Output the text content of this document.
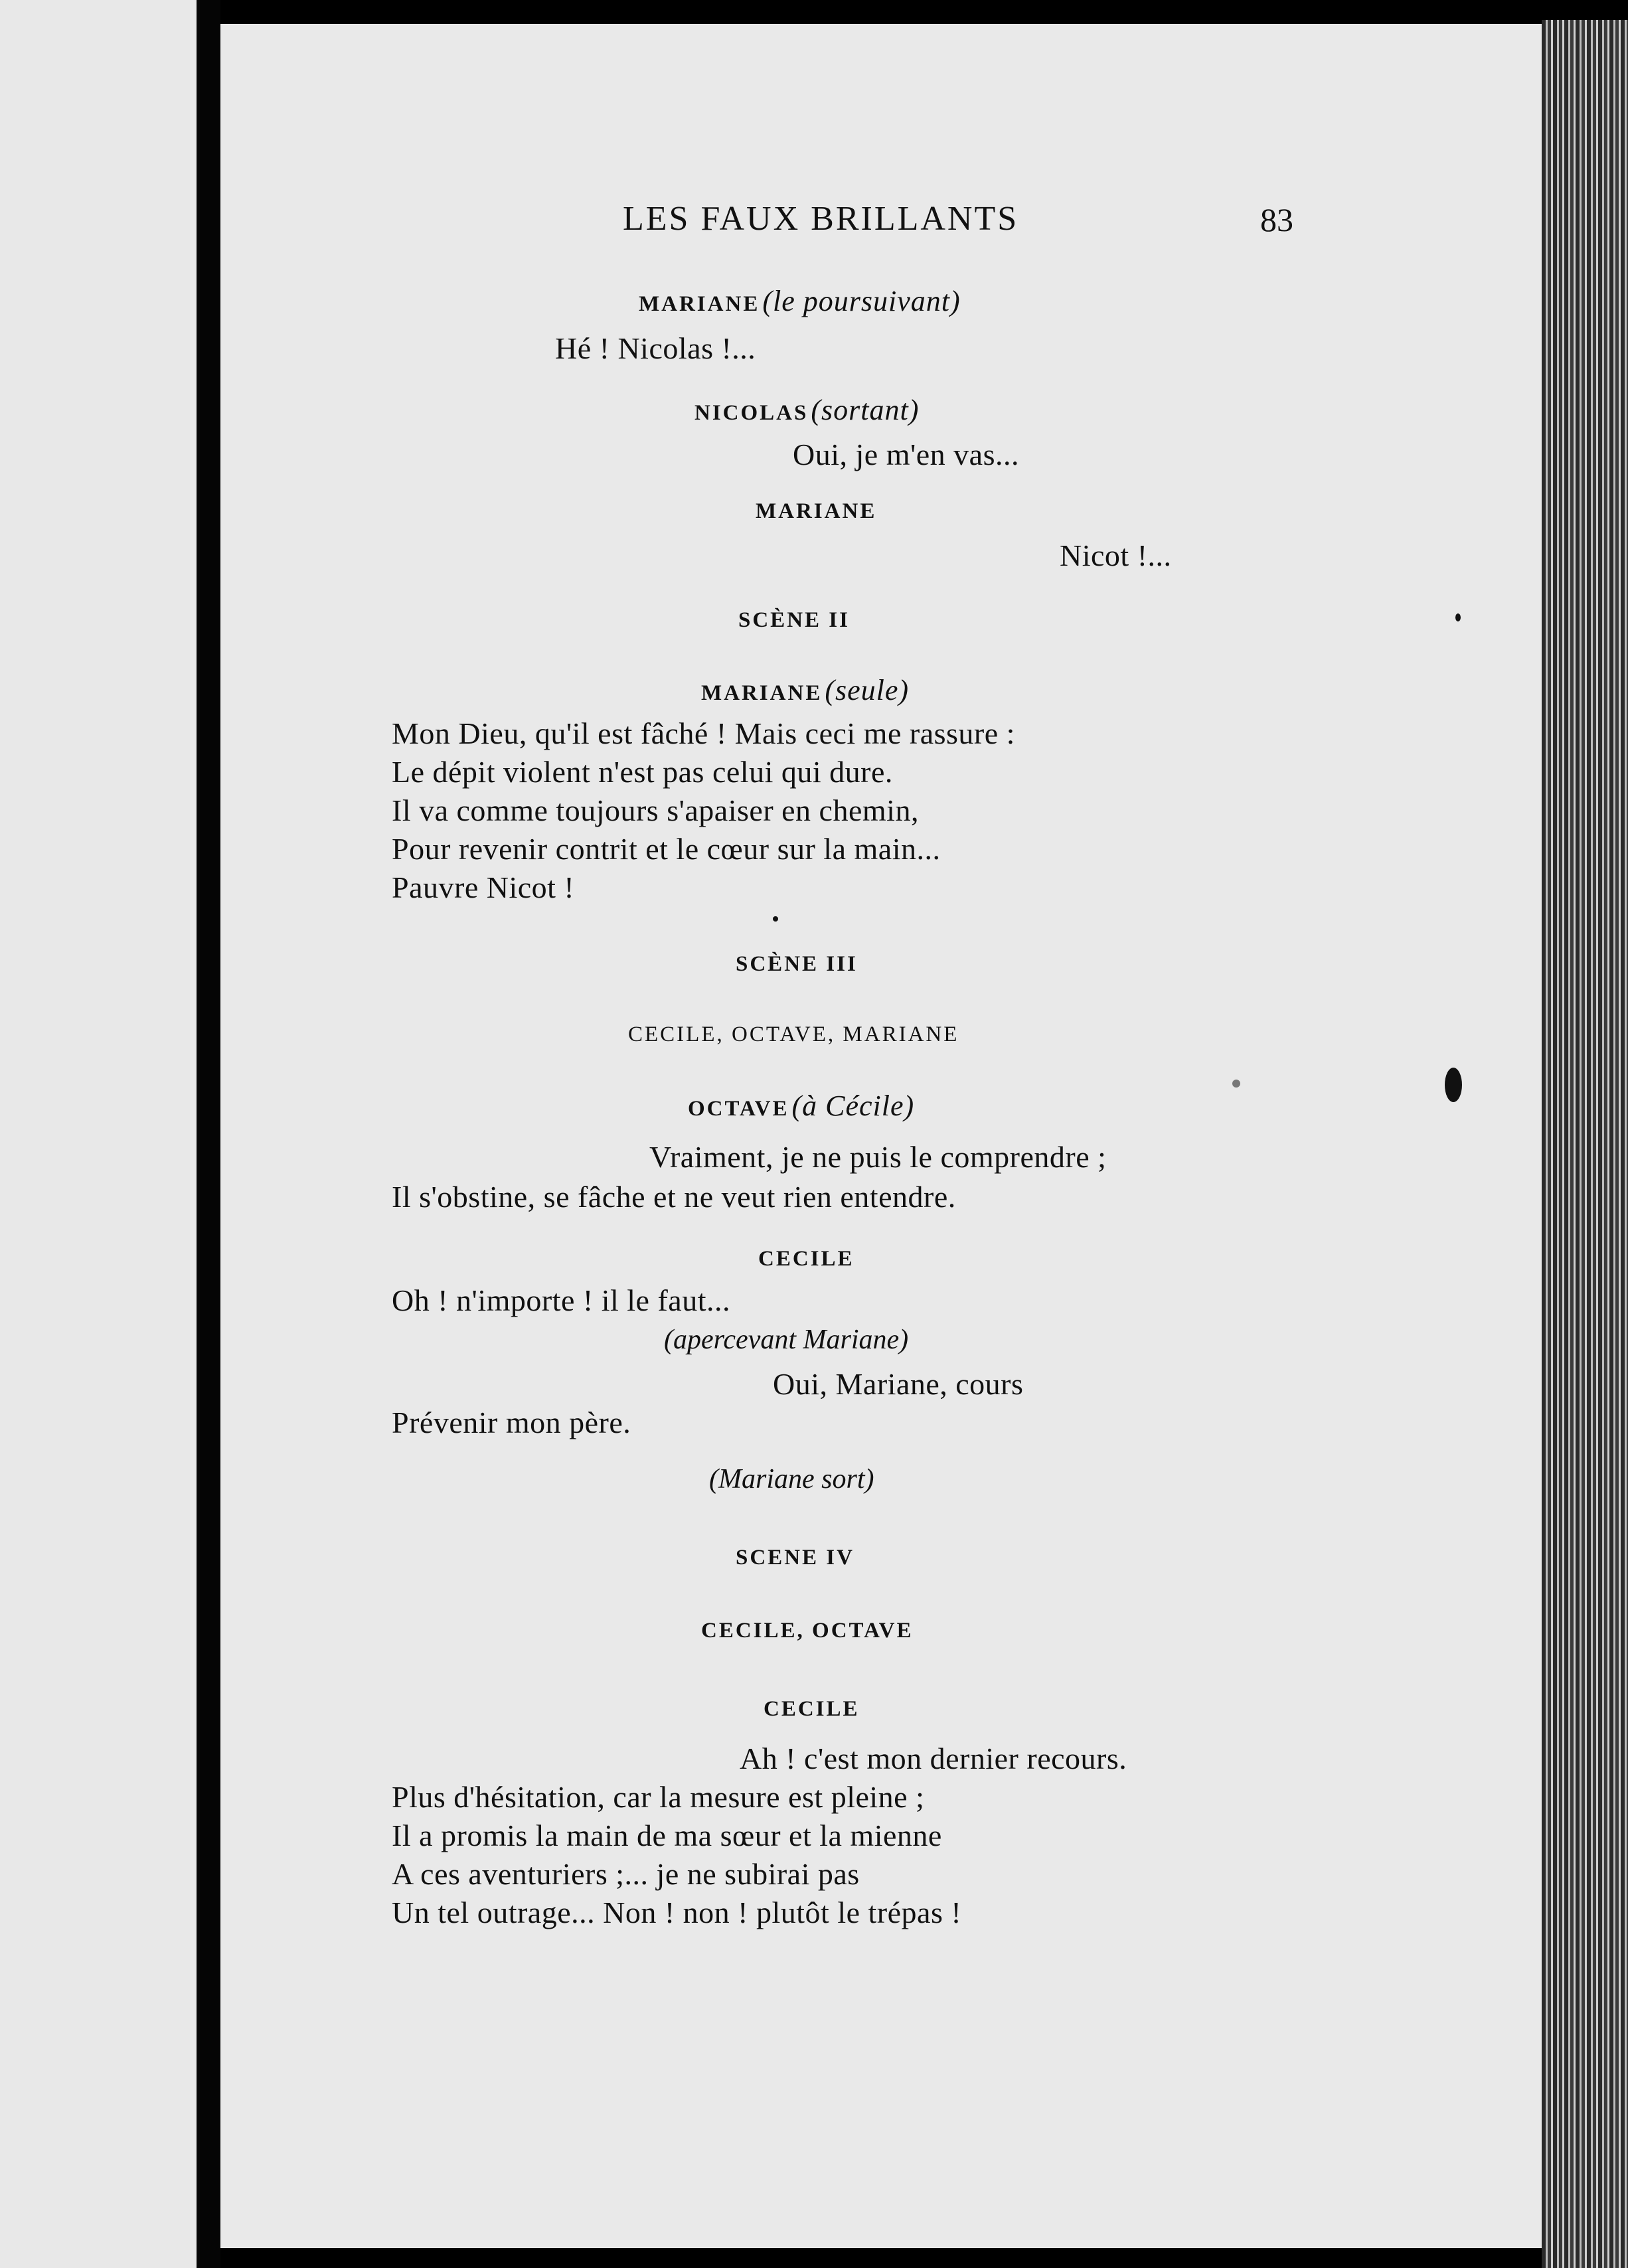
LES FAUX BRILLANTS	83
MARIANE (le poursuivant)
Hé ! Nicolas !...
NICOLAS (sortant)
Oui, je m'en vas...
MARIANE
Nicot !...
SCÈNE II
MARIANE (seule)
Mon Dieu, qu'il est fâché ! Mais ceci me rassure :
Le dépit violent n'est pas celui qui dure.
Il va comme toujours s'apaiser en chemin,
Pour revenir contrit et le cœur sur la main...
Pauvre Nicot !
SCÈNE III
CECILE, OCTAVE, MARIANE
OCTAVE (à Cécile)
Vraiment, je ne puis le comprendre ;
Il s'obstine, se fâche et ne veut rien entendre.
CECILE
Oh ! n'importe ! il le faut...
(apercevant Mariane)
Oui, Mariane, cours
Prévenir mon père.
(Mariane sort)
SCENE IV
CECILE, OCTAVE
CECILE
Ah ! c'est mon dernier recours.
Plus d'hésitation, car la mesure est pleine ;
Il a promis la main de ma sœur et la mienne
A ces aventuriers ;... je ne subirai pas
Un tel outrage... Non ! non ! plutôt le trépas !
